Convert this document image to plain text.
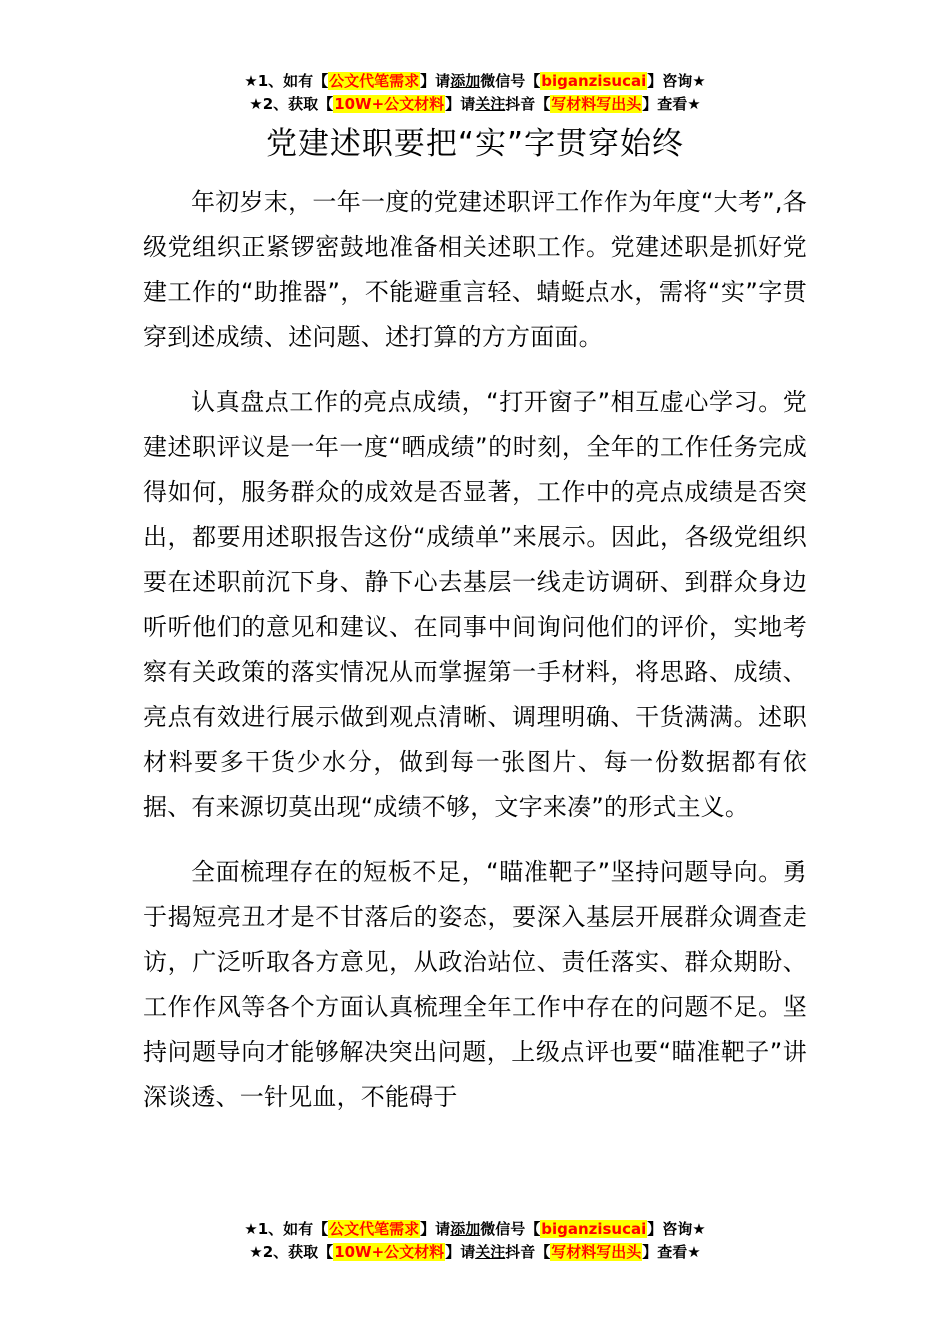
★1、如有【公文代笔需求】请添加微信号【biganzisucai】咨询★
★2、获取【10W+公文材料】请关注抖音【写材料写出头】查看★
党建述职要把“实”字贯穿始终

年初岁末，一年一度的党建述职评工作作为年度“大考”,各级党组织正紧锣密鼓地准备相关述职工作。党建述职是抓好党建工作的“助推器”，不能避重言轻、蜻蜓点水，需将“实”字贯穿到述成绩、述问题、述打算的方方面面。

认真盘点工作的亮点成绩，“打开窗子”相互虚心学习。党建述职评议是一年一度“晒成绩”的时刻，全年的工作任务完成得如何，服务群众的成效是否显著，工作中的亮点成绩是否突出，都要用述职报告这份“成绩单”来展示。因此，各级党组织要在述职前沉下身、静下心去基层一线走访调研、到群众身边听听他们的意见和建议、在同事中间询问他们的评价，实地考察有关政策的落实情况从而掌握第一手材料，将思路、成绩、亮点有效进行展示做到观点清晰、调理明确、干货满满。述职材料要多干货少水分，做到每一张图片、每一份数据都有依据、有来源切莫出现“成绩不够，文字来凑”的形式主义。

全面梳理存在的短板不足，“瞄准靶子”坚持问题导向。勇于揭短亮丑才是不甘落后的姿态，要深入基层开展群众调查走访，广泛听取各方意见，从政治站位、责任落实、群众期盼、工作作风等各个方面认真梳理全年工作中存在的问题不足。坚持问题导向才能够解决突出问题，上级点评也要“瞄准靶子”讲深谈透、一针见血，不能碍于

★1、如有【公文代笔需求】请添加微信号【biganzisucai】咨询★
★2、获取【10W+公文材料】请关注抖音【写材料写出头】查看★
